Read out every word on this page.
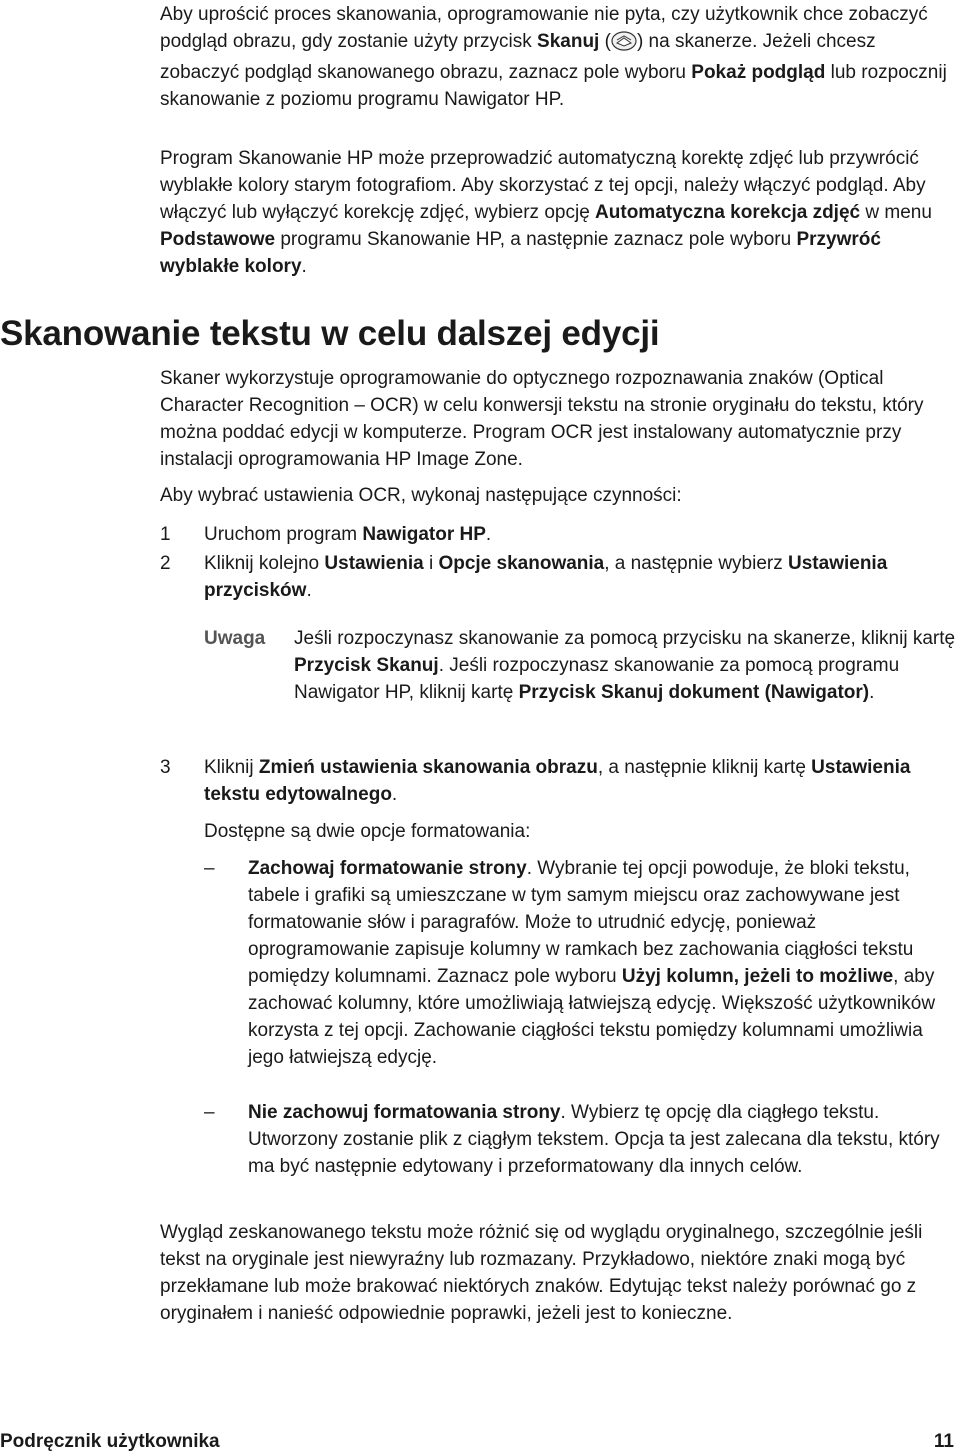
Aby uprościć proces skanowania, oprogramowanie nie pyta, czy użytkownik chce zobaczyć podgląd obrazu, gdy zostanie użyty przycisk Skanuj ( ) na skanerze. Jeżeli chcesz zobaczyć podgląd skanowanego obrazu, zaznacz pole wyboru Pokaż podgląd lub rozpocznij skanowanie z poziomu programu Nawigator HP.

Program Skanowanie HP może przeprowadzić automatyczną korektę zdjęć lub przywrócić wyblakłe kolory starym fotografiom. Aby skorzystać z tej opcji, należy włączyć podgląd. Aby włączyć lub wyłączyć korekcję zdjęć, wybierz opcję Automatyczna korekcja zdjęć w menu Podstawowe programu Skanowanie HP, a następnie zaznacz pole wyboru Przywróć wyblakłe kolory.

Skanowanie tekstu w celu dalszej edycji

Skaner wykorzystuje oprogramowanie do optycznego rozpoznawania znaków (Optical Character Recognition – OCR) w celu konwersji tekstu na stronie oryginału do tekstu, który można poddać edycji w komputerze. Program OCR jest instalowany automatycznie przy instalacji oprogramowania HP Image Zone.

Aby wybrać ustawienia OCR, wykonaj następujące czynności:

1 Uruchom program Nawigator HP.
2 Kliknij kolejno Ustawienia i Opcje skanowania, a następnie wybierz Ustawienia przycisków.
Uwaga Jeśli rozpoczynasz skanowanie za pomocą przycisku na skanerze, kliknij kartę Przycisk Skanuj. Jeśli rozpoczynasz skanowanie za pomocą programu Nawigator HP, kliknij kartę Przycisk Skanuj dokument (Nawigator).
3 Kliknij Zmień ustawienia skanowania obrazu, a następnie kliknij kartę Ustawienia tekstu edytowalnego.
Dostępne są dwie opcje formatowania:
– Zachowaj formatowanie strony. Wybranie tej opcji powoduje, że bloki tekstu, tabele i grafiki są umieszczane w tym samym miejscu oraz zachowywane jest formatowanie słów i paragrafów. Może to utrudnić edycję, ponieważ oprogramowanie zapisuje kolumny w ramkach bez zachowania ciągłości tekstu pomiędzy kolumnami. Zaznacz pole wyboru Użyj kolumn, jeżeli to możliwe, aby zachować kolumny, które umożliwiają łatwiejszą edycję. Większość użytkowników korzysta z tej opcji. Zachowanie ciągłości tekstu pomiędzy kolumnami umożliwia jego łatwiejszą edycję.
– Nie zachowuj formatowania strony. Wybierz tę opcję dla ciągłego tekstu. Utworzony zostanie plik z ciągłym tekstem. Opcja ta jest zalecana dla tekstu, który ma być następnie edytowany i przeformatowany dla innych celów.

Wygląd zeskanowanego tekstu może różnić się od wyglądu oryginalnego, szczególnie jeśli tekst na oryginale jest niewyraźny lub rozmazany. Przykładowo, niektóre znaki mogą być przekłamane lub może brakować niektórych znaków. Edytując tekst należy porównać go z oryginałem i nanieść odpowiednie poprawki, jeżeli jest to konieczne.

Podręcznik użytkownika	11
